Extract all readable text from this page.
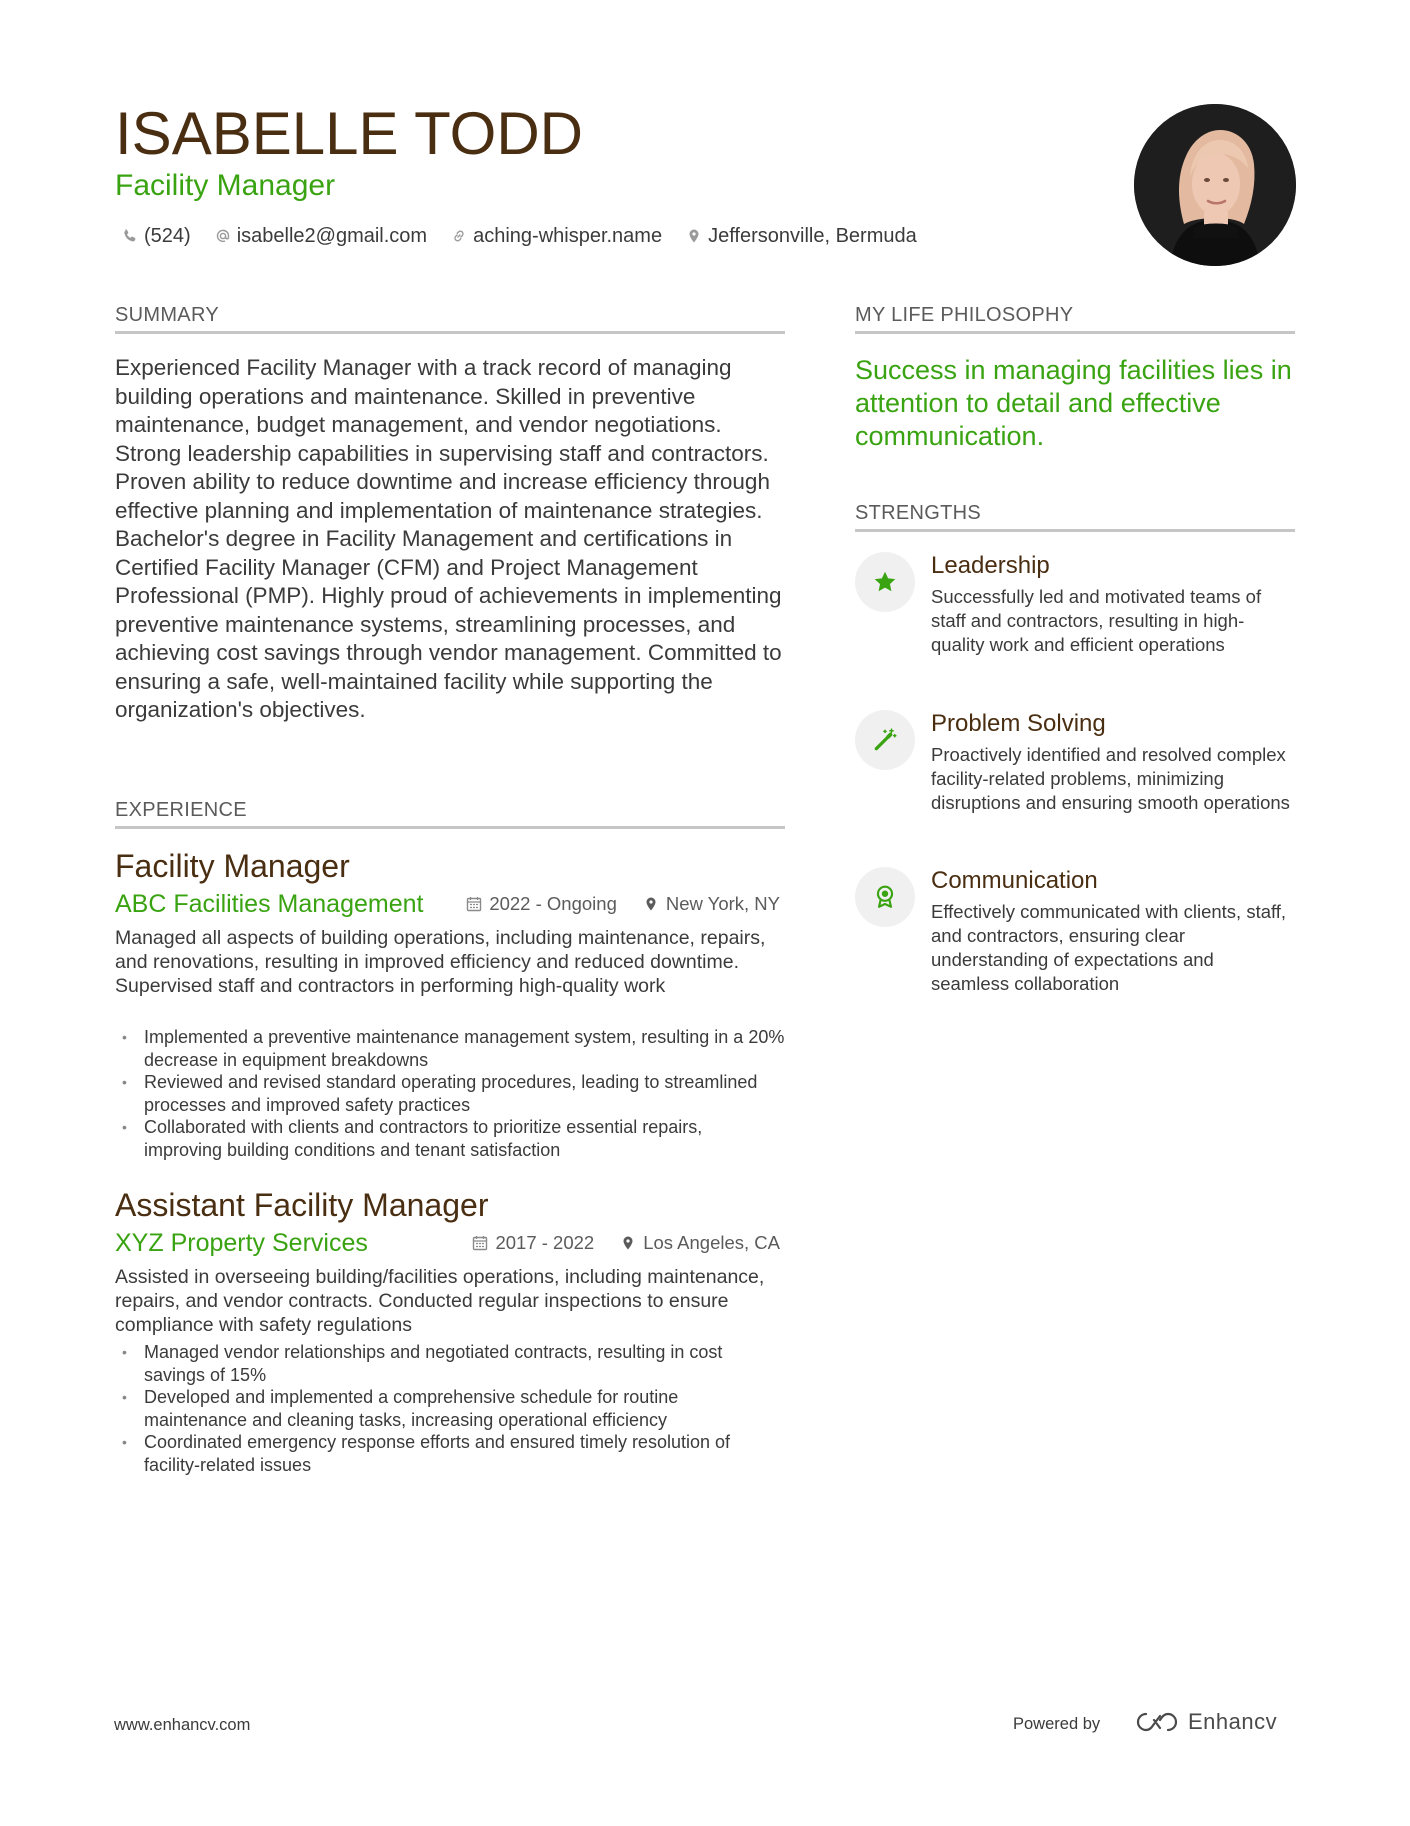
ISABELLE TODD
Facility Manager
(524) isabelle2@gmail.com aching-whisper.name Jeffersonville, Bermuda
SUMMARY
Experienced Facility Manager with a track record of managing building operations and maintenance. Skilled in preventive maintenance, budget management, and vendor negotiations. Strong leadership capabilities in supervising staff and contractors. Proven ability to reduce downtime and increase efficiency through effective planning and implementation of maintenance strategies. Bachelor's degree in Facility Management and certifications in Certified Facility Manager (CFM) and Project Management Professional (PMP). Highly proud of achievements in implementing preventive maintenance systems, streamlining processes, and achieving cost savings through vendor management. Committed to ensuring a safe, well-maintained facility while supporting the organization's objectives.
EXPERIENCE
Facility Manager
ABC Facilities Management	2022 - Ongoing	New York, NY
Managed all aspects of building operations, including maintenance, repairs, and renovations, resulting in improved efficiency and reduced downtime. Supervised staff and contractors in performing high-quality work
• Implemented a preventive maintenance management system, resulting in a 20% decrease in equipment breakdowns
• Reviewed and revised standard operating procedures, leading to streamlined processes and improved safety practices
• Collaborated with clients and contractors to prioritize essential repairs, improving building conditions and tenant satisfaction
Assistant Facility Manager
XYZ Property Services	2017 - 2022	Los Angeles, CA
Assisted in overseeing building/facilities operations, including maintenance, repairs, and vendor contracts. Conducted regular inspections to ensure compliance with safety regulations
• Managed vendor relationships and negotiated contracts, resulting in cost savings of 15%
• Developed and implemented a comprehensive schedule for routine maintenance and cleaning tasks, increasing operational efficiency
• Coordinated emergency response efforts and ensured timely resolution of facility-related issues
MY LIFE PHILOSOPHY
Success in managing facilities lies in attention to detail and effective communication.
STRENGTHS
Leadership
Successfully led and motivated teams of staff and contractors, resulting in high-quality work and efficient operations
Problem Solving
Proactively identified and resolved complex facility-related problems, minimizing disruptions and ensuring smooth operations
Communication
Effectively communicated with clients, staff, and contractors, ensuring clear understanding of expectations and seamless collaboration
www.enhancv.com	Powered by	Enhancv
